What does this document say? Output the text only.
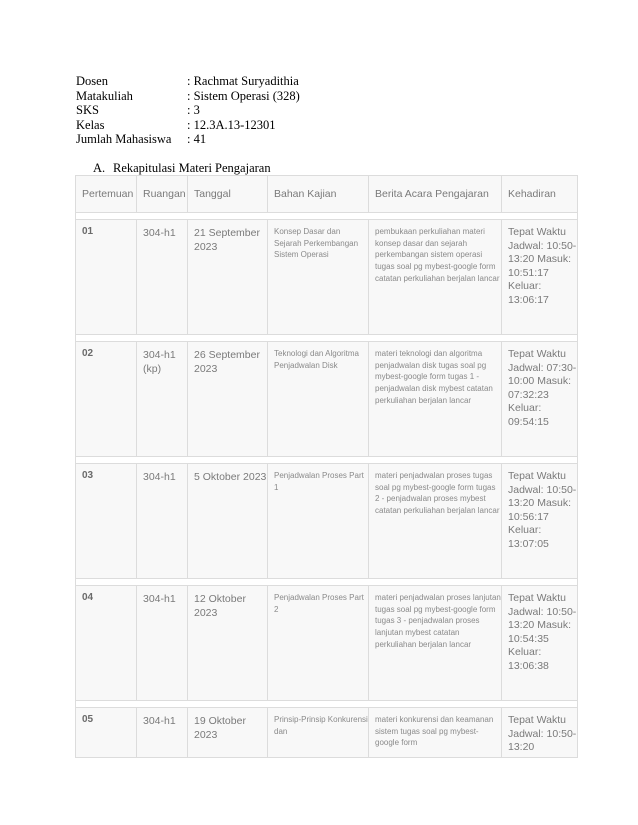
Dosen	: Rachmat Suryadithia
Matakuliah	: Sistem Operasi (328)
SKS	: 3
Kelas	: 12.3A.13-12301
Jumlah Mahasiswa	: 41
A. Rekapitulasi Materi Pengajaran
Pertemuan	Ruangan	Tanggal	Bahan Kajian	Berita Acara Pengajaran	Kehadiran

01	304-h1	21 September 2023	Konsep Dasar dan Sejarah Perkembangan Sistem Operasi	pembukaan perkuliahan materi konsep dasar dan sejarah perkembangan sistem operasi tugas soal pg mybest-google form catatan perkuliahan berjalan lancar	Tepat Waktu Jadwal: 10:50-13:20 Masuk: 10:51:17 Keluar: 13:06:17

02	304-h1 (kp)	26 September 2023	Teknologi dan Algoritma Penjadwalan Disk	materi teknologi dan algoritma penjadwalan disk tugas soal pg mybest-google form tugas 1 - penjadwalan disk mybest catatan perkuliahan berjalan lancar	Tepat Waktu Jadwal: 07:30-10:00 Masuk: 07:32:23 Keluar: 09:54:15

03	304-h1	5 Oktober 2023	Penjadwalan Proses Part 1	materi penjadwalan proses tugas soal pg mybest-google form tugas 2 - penjadwalan proses mybest catatan perkuliahan berjalan lancar	Tepat Waktu Jadwal: 10:50-13:20 Masuk: 10:56:17 Keluar: 13:07:05

04	304-h1	12 Oktober 2023	Penjadwalan Proses Part 2	materi penjadwalan proses lanjutan tugas soal pg mybest-google form tugas 3 - penjadwalan proses lanjutan mybest catatan perkuliahan berjalan lancar	Tepat Waktu Jadwal: 10:50-13:20 Masuk: 10:54:35 Keluar: 13:06:38

05	304-h1	19 Oktober 2023	Prinsip-Prinsip Konkurensi dan	materi konkurensi dan keamanan sistem tugas soal pg mybest-google form	Tepat Waktu Jadwal: 10:50-13:20
